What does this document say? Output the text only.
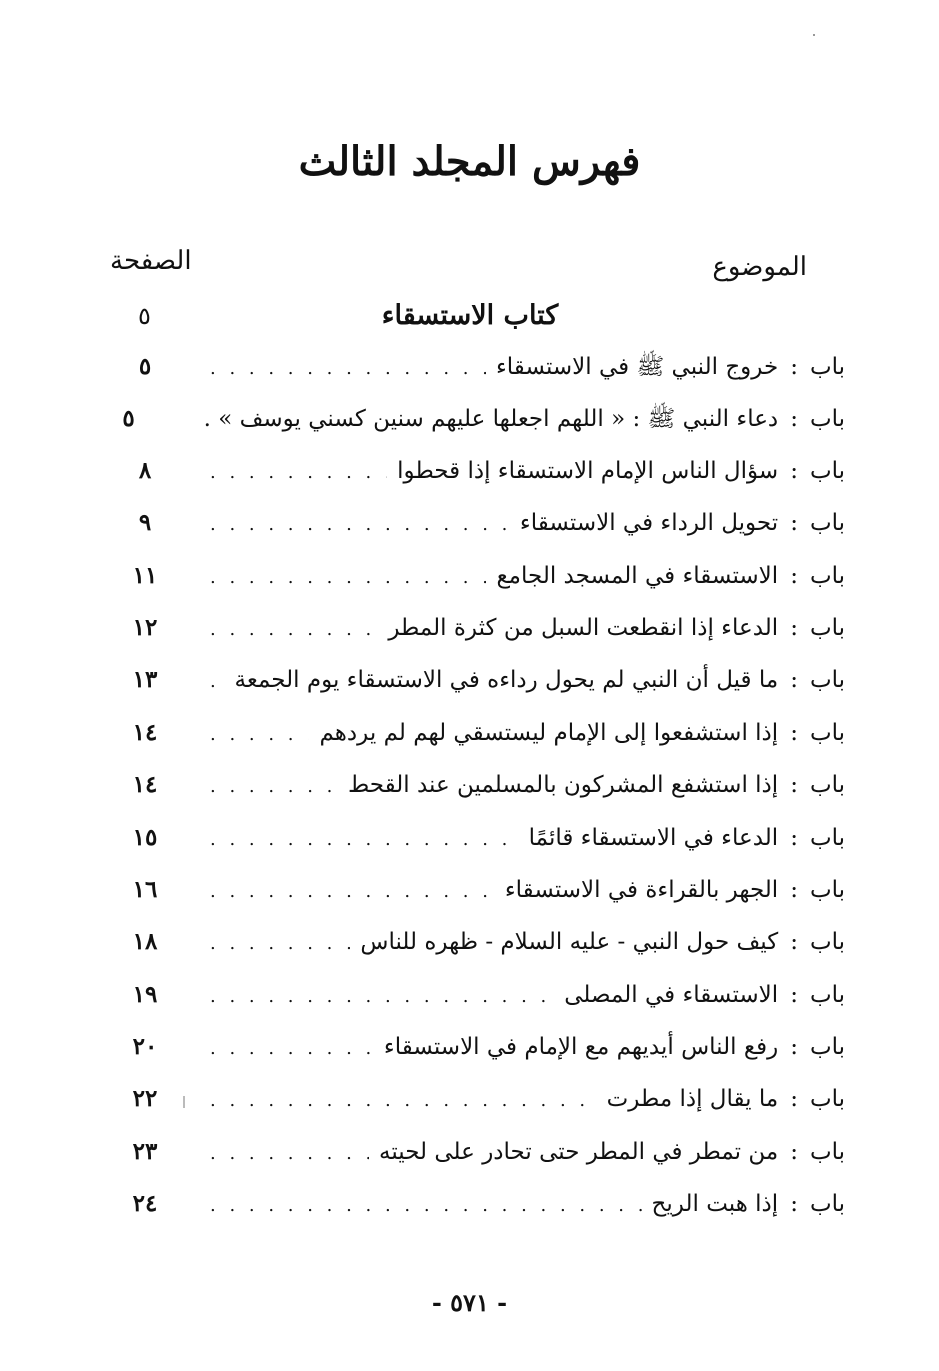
فهرس المجلد الثالث
الموضوع
الصفحة
كتاب الاستسقاء
٥
باب
:
خروج النبي ﷺ في الاستسقاء
. . .
٥
باب
:
دعاء النبي ﷺ : « اللهم اجعلها عليهم سنين كسني يوسف » .
٥
باب
:
سؤال الناس الإمام الاستسقاء إذا قحطوا
. . .
٨
باب
:
تحويل الرداء في الاستسقاء
. . .
٩
باب
:
الاستسقاء في المسجد الجامع
. . .
١١
باب
:
الدعاء إذا انقطعت السبل من كثرة المطر
. . .
١٢
باب
:
ما قيل أن النبي لم يحول رداءه في الاستسقاء يوم الجمعة
. . .
١٣
باب
:
إذا استشفعوا إلى الإمام ليستسقي لهم لم يردهم
. . .
١٤
باب
:
إذا استشفع المشركون بالمسلمين عند القحط
. . .
١٤
باب
:
الدعاء في الاستسقاء قائمًا
. . .
١٥
باب
:
الجهر بالقراءة في الاستسقاء
. . .
١٦
باب
:
كيف حول النبي - عليه السلام - ظهره للناس
. . .
١٨
باب
:
الاستسقاء في المصلى
. . .
١٩
باب
:
رفع الناس أيديهم مع الإمام في الاستسقاء
. . .
٢٠
باب
:
ما يقال إذا مطرت
. . .
٢٢
باب
:
من تمطر في المطر حتى تحادر على لحيته
. . .
٢٣
باب
:
إذا هبت الريح
. . .
٢٤
- ٥٧١ -
